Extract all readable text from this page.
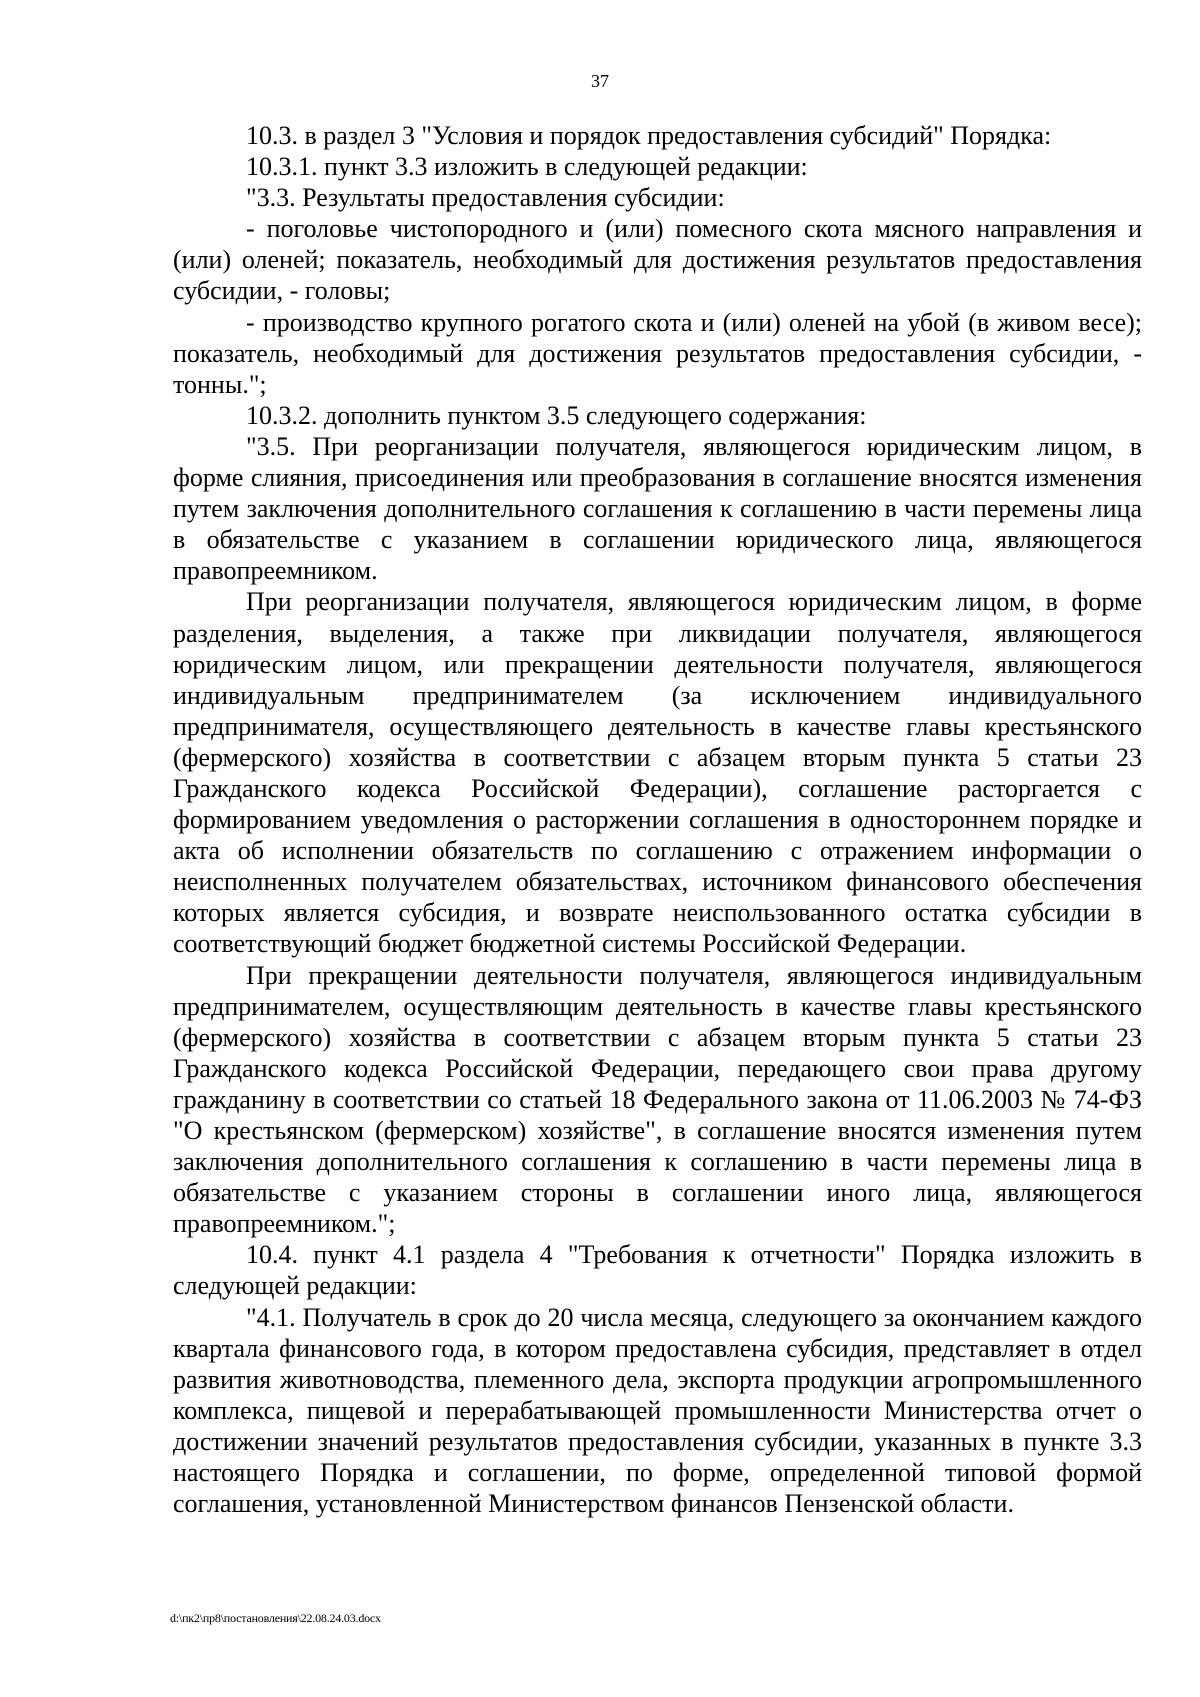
37

10.3. в раздел 3 "Условия и порядок предоставления субсидий" Порядка:

10.3.1. пункт 3.3 изложить в следующей редакции:

"3.3. Результаты предоставления субсидии:

- поголовье чистопородного и (или) помесного скота мясного направления и (или) оленей; показатель, необходимый для достижения результатов предоставления субсидии, - головы;

- производство крупного рогатого скота и (или) оленей на убой (в живом весе); показатель, необходимый для достижения результатов предоставления субсидии, - тонны.";

10.3.2. дополнить пунктом 3.5 следующего содержания:

"3.5. При реорганизации получателя, являющегося юридическим лицом, в форме слияния, присоединения или преобразования в соглашение вносятся изменения путем заключения дополнительного соглашения к соглашению в части перемены лица в обязательстве с указанием в соглашении юридического лица, являющегося правопреемником.

При реорганизации получателя, являющегося юридическим лицом, в форме разделения, выделения, а также при ликвидации получателя, являющегося юридическим лицом, или прекращении деятельности получателя, являющегося индивидуальным предпринимателем (за исключением индивидуального предпринимателя, осуществляющего деятельность в качестве главы крестьянского (фермерского) хозяйства в соответствии с абзацем вторым пункта 5 статьи 23 Гражданского кодекса Российской Федерации), соглашение расторгается с формированием уведомления о расторжении соглашения в одностороннем порядке и акта об исполнении обязательств по соглашению с отражением информации о неисполненных получателем обязательствах, источником финансового обеспечения которых является субсидия, и возврате неиспользованного остатка субсидии в соответствующий бюджет бюджетной системы Российской Федерации.

При прекращении деятельности получателя, являющегося индивидуальным предпринимателем, осуществляющим деятельность в качестве главы крестьянского (фермерского) хозяйства в соответствии с абзацем вторым пункта 5 статьи 23 Гражданского кодекса Российской Федерации, передающего свои права другому гражданину в соответствии со статьей 18 Федерального закона от 11.06.2003 № 74-ФЗ "О крестьянском (фермерском) хозяйстве", в соглашение вносятся изменения путем заключения дополнительного соглашения к соглашению в части перемены лица в обязательстве с указанием стороны в соглашении иного лица, являющегося правопреемником.";

10.4. пункт 4.1 раздела 4 "Требования к отчетности" Порядка изложить в следующей редакции:

"4.1. Получатель в срок до 20 числа месяца, следующего за окончанием каждого квартала финансового года, в котором предоставлена субсидия, представляет в отдел развития животноводства, племенного дела, экспорта продукции агропромышленного комплекса, пищевой и перерабатывающей промышленности Министерства отчет о достижении значений результатов предоставления субсидии, указанных в пункте 3.3 настоящего Порядка и соглашении, по форме, определенной типовой формой соглашения, установленной Министерством финансов Пензенской области.

d:\пк2\пр8\постановления\22.08.24.03.docx
